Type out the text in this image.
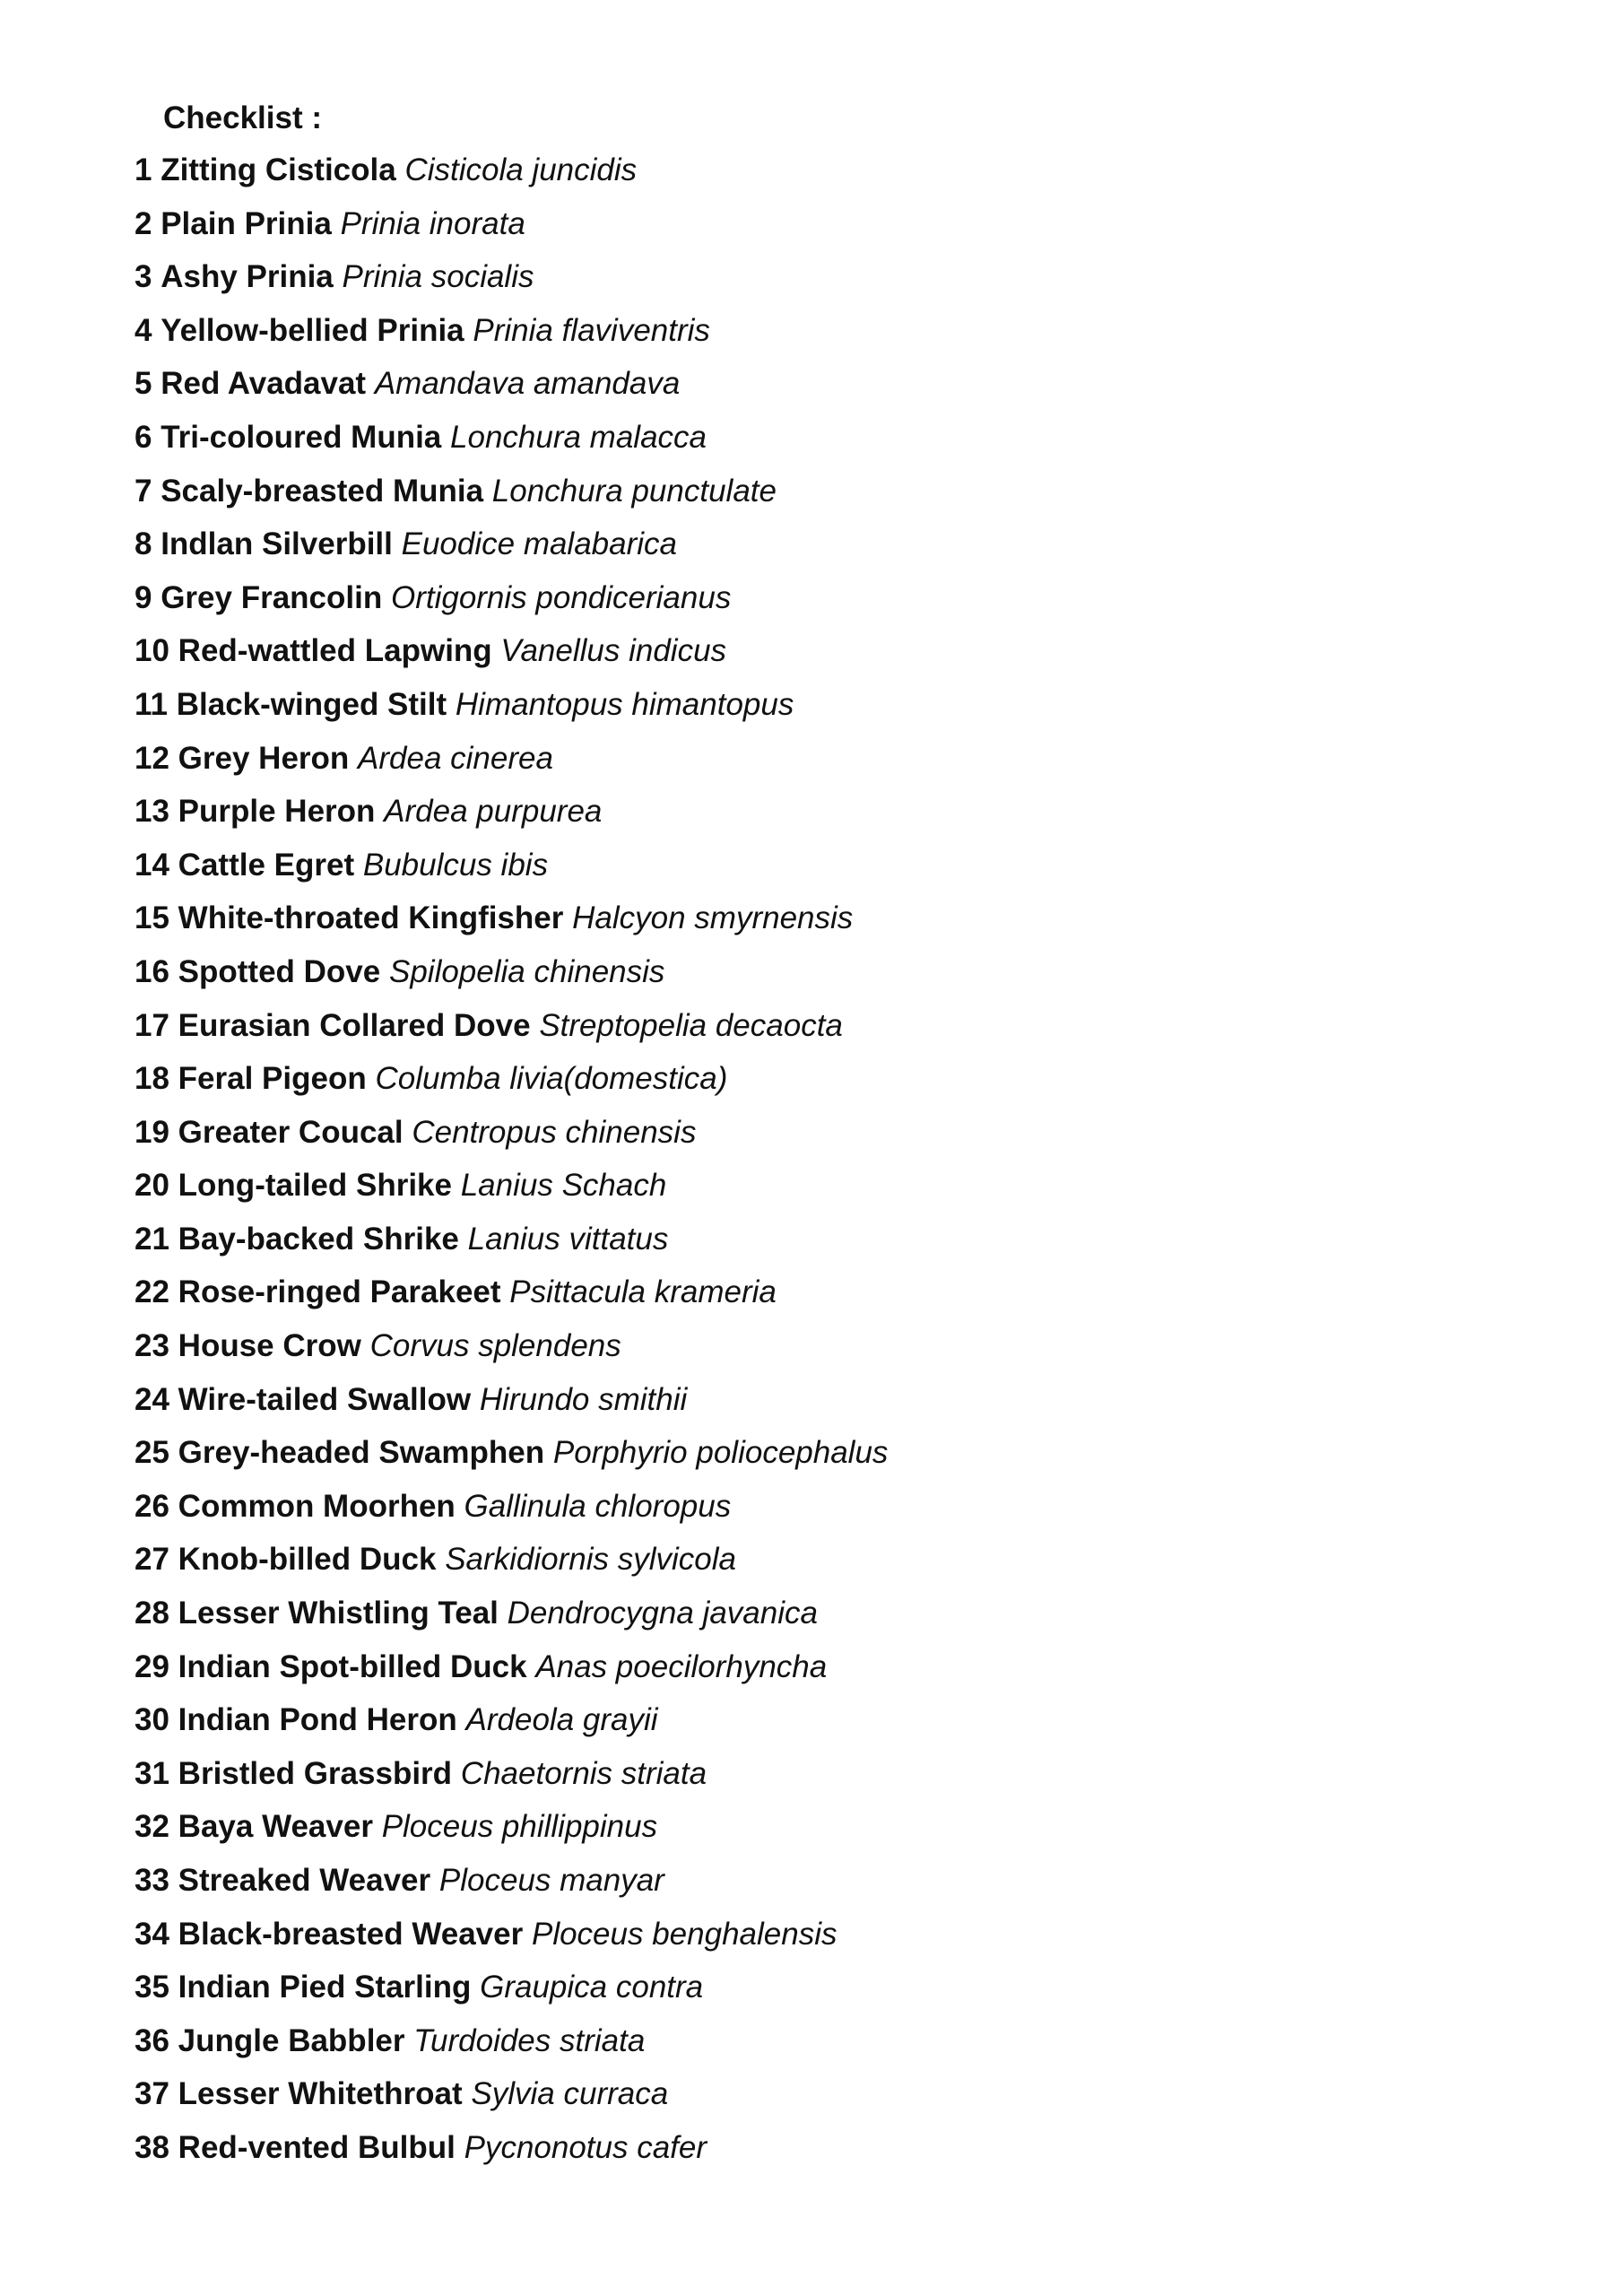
Checklist :
1 Zitting Cisticola Cisticola juncidis
2 Plain Prinia Prinia inorata
3 Ashy Prinia Prinia socialis
4 Yellow-bellied Prinia Prinia flaviventris
5 Red Avadavat Amandava amandava
6 Tri-coloured Munia Lonchura malacca
7 Scaly-breasted Munia Lonchura punctulate
8 Indlan Silverbill Euodice malabarica
9 Grey Francolin Ortigornis pondicerianus
10 Red-wattled Lapwing Vanellus indicus
11 Black-winged Stilt Himantopus himantopus
12 Grey Heron Ardea cinerea
13 Purple Heron Ardea purpurea
14 Cattle Egret Bubulcus ibis
15 White-throated Kingfisher Halcyon smyrnensis
16 Spotted Dove Spilopelia chinensis
17 Eurasian Collared Dove Streptopelia decaocta
18 Feral Pigeon Columba livia(domestica)
19 Greater Coucal Centropus chinensis
20 Long-tailed Shrike Lanius Schach
21 Bay-backed Shrike Lanius vittatus
22 Rose-ringed Parakeet Psittacula krameria
23 House Crow Corvus splendens
24 Wire-tailed Swallow Hirundo smithii
25 Grey-headed Swamphen Porphyrio poliocephalus
26 Common Moorhen Gallinula chloropus
27 Knob-billed Duck Sarkidiornis sylvicola
28 Lesser Whistling Teal Dendrocygna javanica
29 Indian Spot-billed Duck Anas poecilorhyncha
30 Indian Pond Heron Ardeola grayii
31 Bristled Grassbird Chaetornis striata
32 Baya Weaver Ploceus phillippinus
33 Streaked Weaver Ploceus manyar
34 Black-breasted Weaver Ploceus benghalensis
35 Indian Pied Starling Graupica contra
36 Jungle Babbler Turdoides striata
37 Lesser Whitethroat Sylvia curraca
38 Red-vented Bulbul Pycnonotus cafer
